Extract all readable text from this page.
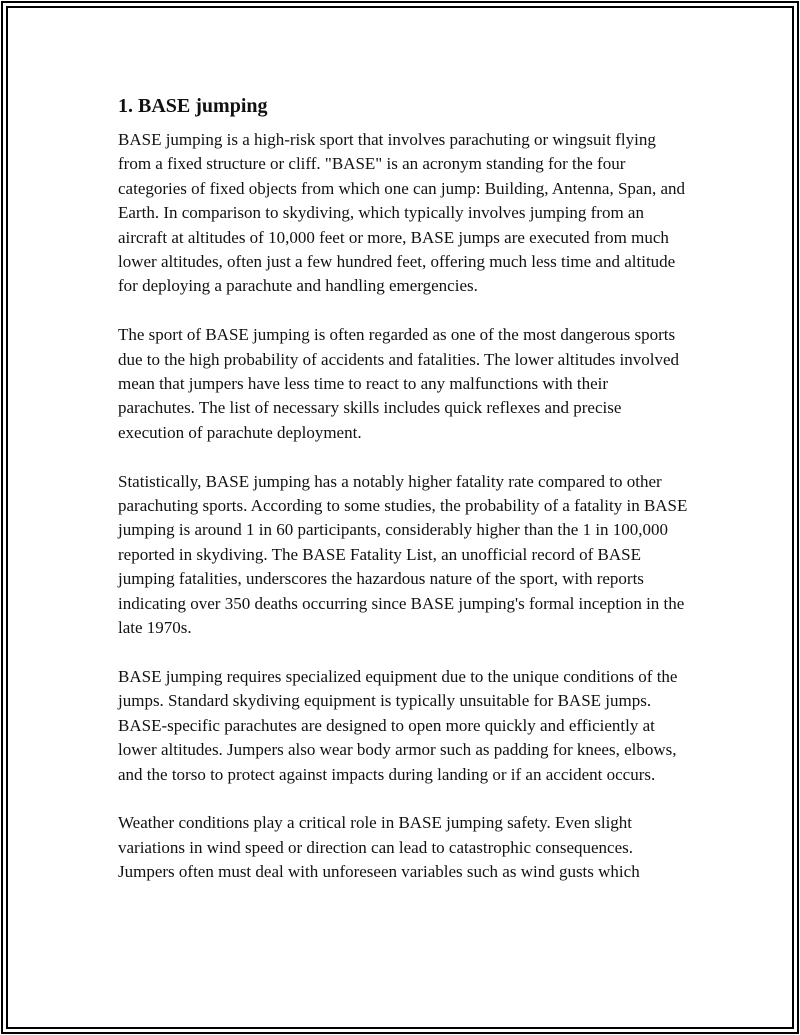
1. BASE jumping

BASE jumping is a high-risk sport that involves parachuting or wingsuit flying from a fixed structure or cliff. "BASE" is an acronym standing for the four categories of fixed objects from which one can jump: Building, Antenna, Span, and Earth. In comparison to skydiving, which typically involves jumping from an aircraft at altitudes of 10,000 feet or more, BASE jumps are executed from much lower altitudes, often just a few hundred feet, offering much less time and altitude for deploying a parachute and handling emergencies.

The sport of BASE jumping is often regarded as one of the most dangerous sports due to the high probability of accidents and fatalities. The lower altitudes involved mean that jumpers have less time to react to any malfunctions with their parachutes. The list of necessary skills includes quick reflexes and precise execution of parachute deployment.

Statistically, BASE jumping has a notably higher fatality rate compared to other parachuting sports. According to some studies, the probability of a fatality in BASE jumping is around 1 in 60 participants, considerably higher than the 1 in 100,000 reported in skydiving. The BASE Fatality List, an unofficial record of BASE jumping fatalities, underscores the hazardous nature of the sport, with reports indicating over 350 deaths occurring since BASE jumping's formal inception in the late 1970s.

BASE jumping requires specialized equipment due to the unique conditions of the jumps. Standard skydiving equipment is typically unsuitable for BASE jumps. BASE-specific parachutes are designed to open more quickly and efficiently at lower altitudes. Jumpers also wear body armor such as padding for knees, elbows, and the torso to protect against impacts during landing or if an accident occurs.

Weather conditions play a critical role in BASE jumping safety. Even slight variations in wind speed or direction can lead to catastrophic consequences. Jumpers often must deal with unforeseen variables such as wind gusts which
